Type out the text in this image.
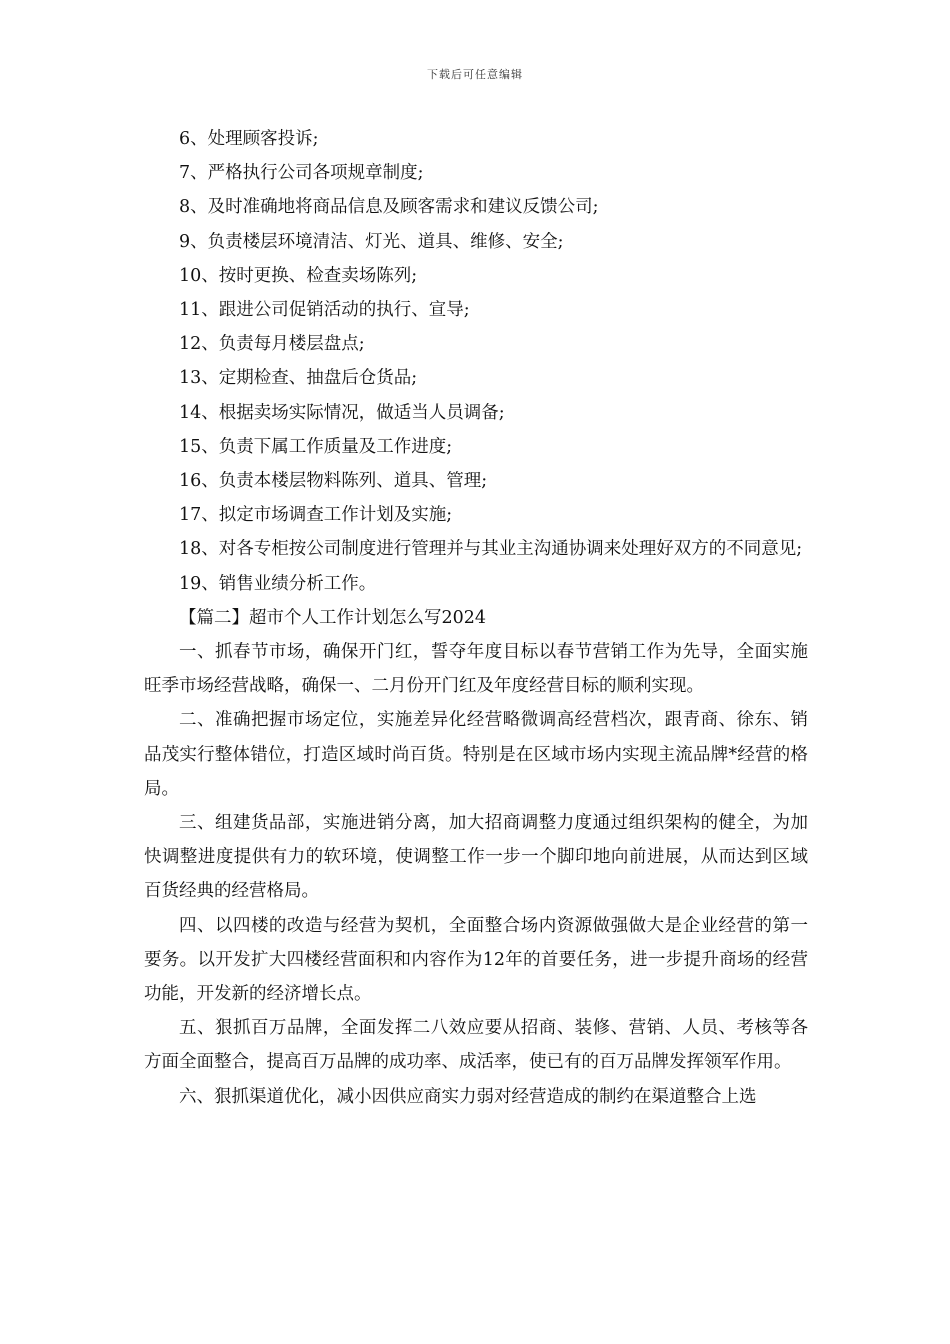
下载后可任意编辑

6、处理顾客投诉;

7、严格执行公司各项规章制度;

8、及时准确地将商品信息及顾客需求和建议反馈公司;

9、负责楼层环境清洁、灯光、道具、维修、安全;

10、按时更换、检查卖场陈列;

11、跟进公司促销活动的执行、宣导;

12、负责每月楼层盘点;

13、定期检查、抽盘后仓货品;

14、根据卖场实际情况，做适当人员调备;

15、负责下属工作质量及工作进度;

16、负责本楼层物料陈列、道具、管理;

17、拟定市场调查工作计划及实施;

18、对各专柜按公司制度进行管理并与其业主沟通协调来处理好双方的不同意见;

19、销售业绩分析工作。

【篇二】超市个人工作计划怎么写2024

一、抓春节市场，确保开门红，誓夺年度目标以春节营销工作为先导，全面实施旺季市场经营战略，确保一、二月份开门红及年度经营目标的顺利实现。

二、准确把握市场定位，实施差异化经营略微调高经营档次，跟青商、徐东、销品茂实行整体错位，打造区域时尚百货。特别是在区域市场内实现主流品牌*经营的格局。

三、组建货品部，实施进销分离，加大招商调整力度通过组织架构的健全，为加快调整进度提供有力的软环境，使调整工作一步一个脚印地向前进展，从而达到区域百货经典的经营格局。

四、以四楼的改造与经营为契机，全面整合场内资源做强做大是企业经营的第一要务。以开发扩大四楼经营面积和内容作为12年的首要任务，进一步提升商场的经营功能，开发新的经济增长点。

五、狠抓百万品牌，全面发挥二八效应要从招商、装修、营销、人员、考核等各方面全面整合，提高百万品牌的成功率、成活率，使已有的百万品牌发挥领军作用。

六、狠抓渠道优化，减小因供应商实力弱对经营造成的制约在渠道整合上选
